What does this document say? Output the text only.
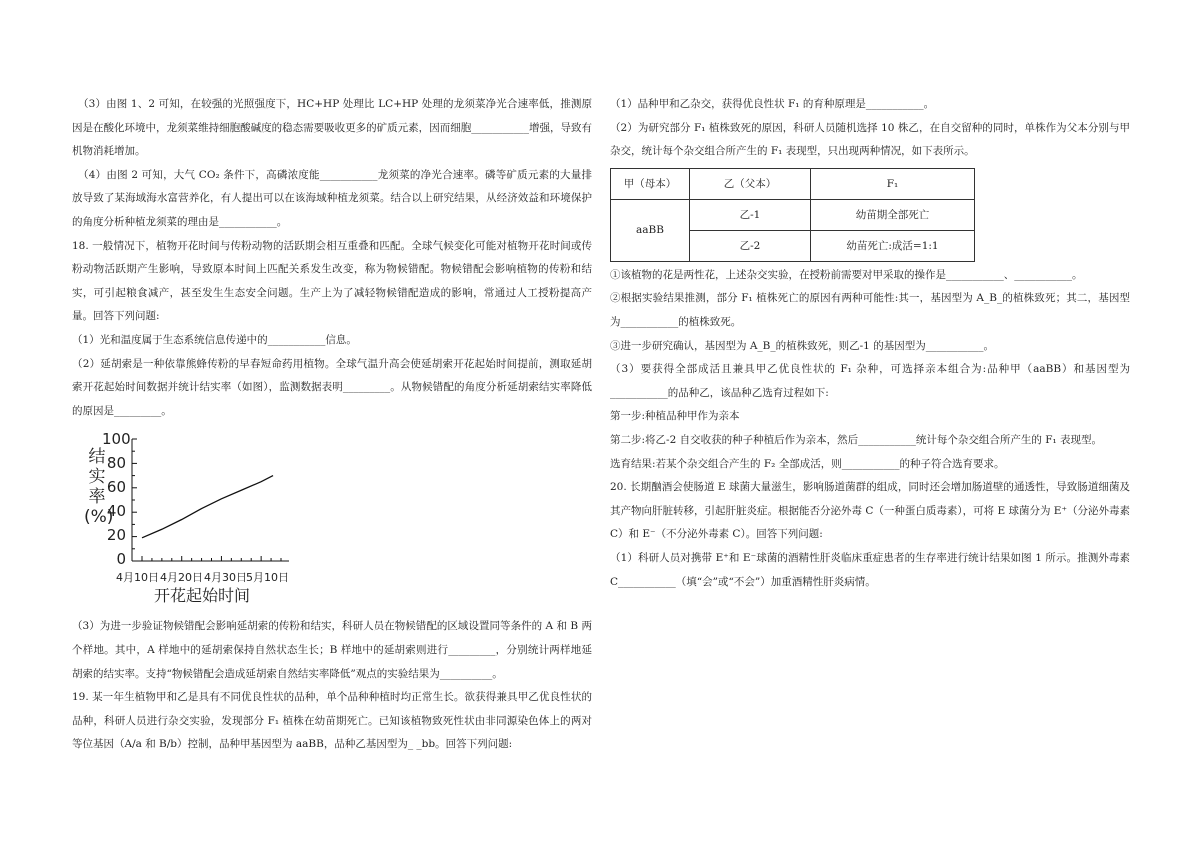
（3）由图 1、2 可知，在较强的光照强度下，HC+HP 处理比 LC+HP 处理的龙须菜净光合速率低，推测原因是在酸化环境中，龙须菜维持细胞酸碱度的稳态需要吸收更多的矿质元素，因而细胞___________增强，导致有机物消耗增加。

（4）由图 2 可知，大气 CO₂ 条件下，高磷浓度能___________龙须菜的净光合速率。磷等矿质元素的大量排放导致了某海域海水富营养化，有人提出可以在该海域种植龙须菜。结合以上研究结果，从经济效益和环境保护的角度分析种植龙须菜的理由是___________。

18. 一般情况下，植物开花时间与传粉动物的活跃期会相互重叠和匹配。全球气候变化可能对植物开花时间或传粉动物活跃期产生影响，导致原本时间上匹配关系发生改变，称为物候错配。物候错配会影响植物的传粉和结实，可引起粮食减产，甚至发生生态安全问题。生产上为了减轻物候错配造成的影响，常通过人工授粉提高产量。回答下列问题:

（1）光和温度属于生态系统信息传递中的___________信息。

（2）延胡索是一种依靠熊蜂传粉的早春短命药用植物。全球气温升高会使延胡索开花起始时间提前，测取延胡索开花起始时间数据并统计结实率（如图），监测数据表明_________。从物候错配的角度分析延胡索结实率降低的原因是_________。

结实率(%)
100
80
60
40
20
0
4月10日 4月20日 4月30日 5月10日
开花起始时间

（3）为进一步验证物候错配会影响延胡索的传粉和结实，科研人员在物候错配的区域设置同等条件的 A 和 B 两个样地。其中，A 样地中的延胡索保持自然状态生长；B 样地中的延胡索则进行_________，分别统计两样地延胡索的结实率。支持“物候错配会造成延胡索自然结实率降低”观点的实验结果为__________。

19. 某一年生植物甲和乙是具有不同优良性状的品种，单个品种种植时均正常生长。欲获得兼具甲乙优良性状的品种，科研人员进行杂交实验，发现部分 F₁ 植株在幼苗期死亡。已知该植物致死性状由非同源染色体上的两对等位基因（A/a 和 B/b）控制，品种甲基因型为 aaBB，品种乙基因型为_ _bb。回答下列问题:

（1）品种甲和乙杂交，获得优良性状 F₁ 的育种原理是___________。

（2）为研究部分 F₁ 植株致死的原因，科研人员随机选择 10 株乙，在自交留种的同时，单株作为父本分别与甲杂交，统计每个杂交组合所产生的 F₁ 表现型，只出现两种情况，如下表所示。

甲（母本）	乙（父本）	F₁
aaBB	乙-1	幼苗期全部死亡
	乙-2	幼苗死亡:成活=1:1

①该植物的花是两性花，上述杂交实验，在授粉前需要对甲采取的操作是___________、___________。

②根据实验结果推测，部分 F₁ 植株死亡的原因有两种可能性:其一，基因型为 A_B_的植株致死；其二，基因型为___________的植株致死。

③进一步研究确认，基因型为 A_B_的植株致死，则乙-1 的基因型为___________。

（3）要获得全部成活且兼具甲乙优良性状的 F₁ 杂种，可选择亲本组合为:品种甲（aaBB）和基因型为___________的品种乙，该品种乙选育过程如下:

第一步:种植品种甲作为亲本

第二步:将乙-2 自交收获的种子种植后作为亲本，然后___________统计每个杂交组合所产生的 F₁ 表现型。

选育结果:若某个杂交组合产生的 F₂ 全部成活，则___________的种子符合选育要求。

20. 长期酗酒会使肠道 E 球菌大量滋生，影响肠道菌群的组成，同时还会增加肠道壁的通透性，导致肠道细菌及其产物向肝脏转移，引起肝脏炎症。根据能否分泌外毒 C（一种蛋白质毒素），可将 E 球菌分为 E⁺（分泌外毒素 C）和 E⁻（不分泌外毒素 C）。回答下列问题:

（1）科研人员对携带 E⁺和 E⁻球菌的酒精性肝炎临床重症患者的生存率进行统计结果如图 1 所示。推测外毒素 C___________（填“会”或“不会”）加重酒精性肝炎病情。
